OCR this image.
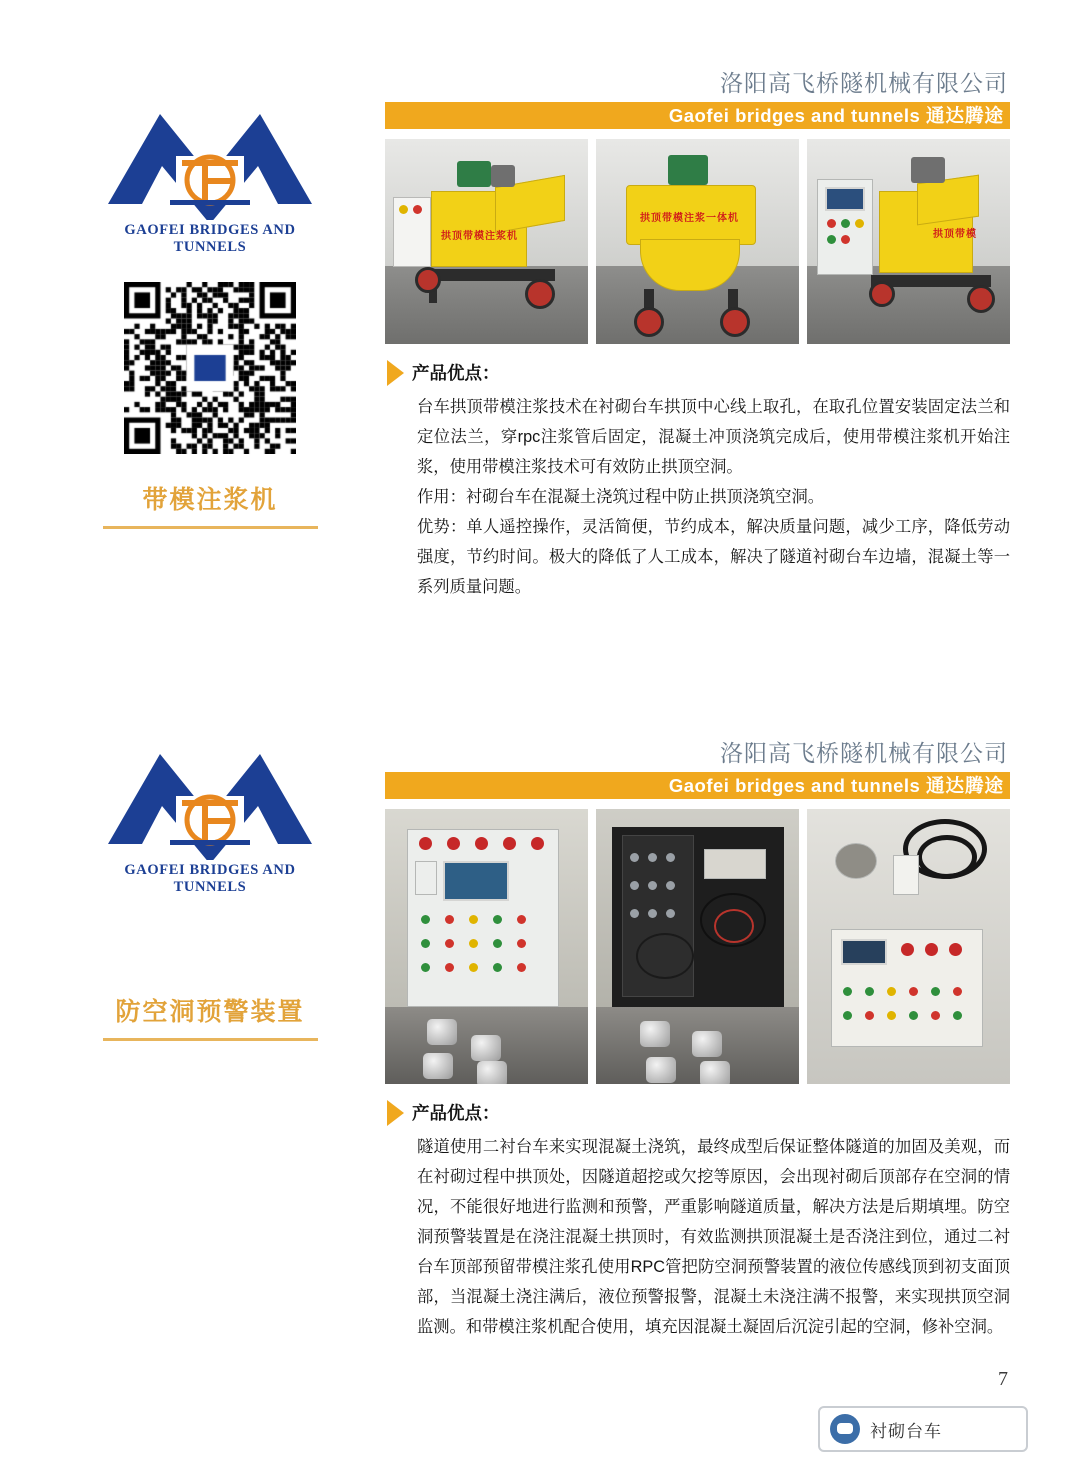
GAOFEI BRIDGES AND TUNNELS
带模注浆机
洛阳高飞桥隧机械有限公司
Gaofei bridges and tunnels 通达腾途
拱顶带模注浆机
拱顶带模注浆一体机
拱顶带模
产品优点：

台车拱顶带模注浆技术在衬砌台车拱顶中心线上取孔，在取孔位置安装固定法兰和定位法兰，穿rpc注浆管后固定，混凝土冲顶浇筑完成后，使用带模注浆机开始注浆，使用带模注浆技术可有效防止拱顶空洞。

作用：衬砌台车在混凝土浇筑过程中防止拱顶浇筑空洞。

优势：单人遥控操作，灵活简便，节约成本，解决质量问题，减少工序，降低劳动强度，节约时间。极大的降低了人工成本，解决了隧道衬砌台车边墙，混凝土等一系列质量问题。

GAOFEI BRIDGES AND TUNNELS
防空洞预警装置
洛阳高飞桥隧机械有限公司
Gaofei bridges and tunnels 通达腾途
产品优点：

隧道使用二衬台车来实现混凝土浇筑，最终成型后保证整体隧道的加固及美观，而在衬砌过程中拱顶处，因隧道超挖或欠挖等原因，会出现衬砌后顶部存在空洞的情况，不能很好地进行监测和预警，严重影响隧道质量，解决方法是后期填埋。防空洞预警装置是在浇注混凝土拱顶时，有效监测拱顶混凝土是否浇注到位，通过二衬台车顶部预留带模注浆孔使用RPC管把防空洞预警装置的液位传感线顶到初支面顶部，当混凝土浇注满后，液位预警报警，混凝土未浇注满不报警，来实现拱顶空洞监测。和带模注浆机配合使用，填充因混凝土凝固后沉淀引起的空洞，修补空洞。

7
衬砌台车
